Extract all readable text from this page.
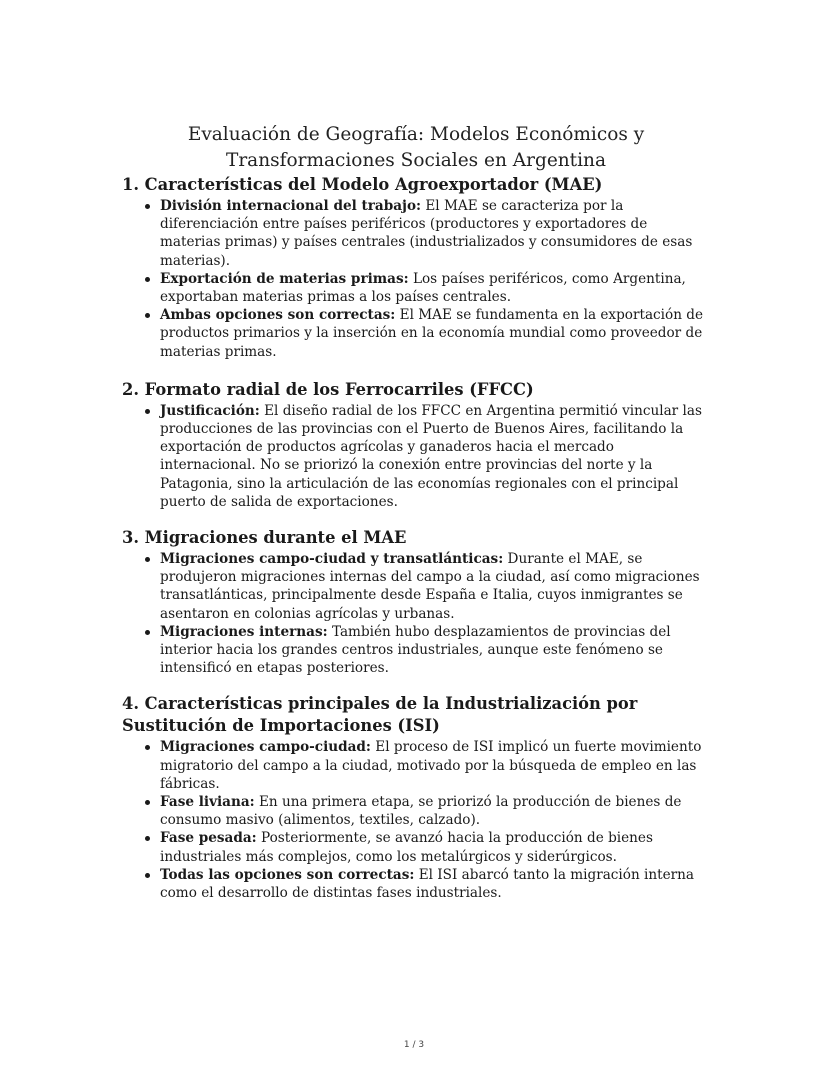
Evaluación de Geografía: Modelos Económicos y Transformaciones Sociales en Argentina
1. Características del Modelo Agroexportador (MAE)
División internacional del trabajo: El MAE se caracteriza por la diferenciación entre países periféricos (productores y exportadores de materias primas) y países centrales (industrializados y consumidores de esas materias).
Exportación de materias primas: Los países periféricos, como Argentina, exportaban materias primas a los países centrales.
Ambas opciones son correctas: El MAE se fundamenta en la exportación de productos primarios y la inserción en la economía mundial como proveedor de materias primas.
2. Formato radial de los Ferrocarriles (FFCC)
Justificación: El diseño radial de los FFCC en Argentina permitió vincular las producciones de las provincias con el Puerto de Buenos Aires, facilitando la exportación de productos agrícolas y ganaderos hacia el mercado internacional. No se priorizó la conexión entre provincias del norte y la Patagonia, sino la articulación de las economías regionales con el principal puerto de salida de exportaciones.
3. Migraciones durante el MAE
Migraciones campo-ciudad y transatlánticas: Durante el MAE, se produjeron migraciones internas del campo a la ciudad, así como migraciones transatlánticas, principalmente desde España e Italia, cuyos inmigrantes se asentaron en colonias agrícolas y urbanas.
Migraciones internas: También hubo desplazamientos de provincias del interior hacia los grandes centros industriales, aunque este fenómeno se intensificó en etapas posteriores.
4. Características principales de la Industrialización por Sustitución de Importaciones (ISI)
Migraciones campo-ciudad: El proceso de ISI implicó un fuerte movimiento migratorio del campo a la ciudad, motivado por la búsqueda de empleo en las fábricas.
Fase liviana: En una primera etapa, se priorizó la producción de bienes de consumo masivo (alimentos, textiles, calzado).
Fase pesada: Posteriormente, se avanzó hacia la producción de bienes industriales más complejos, como los metalúrgicos y siderúrgicos.
Todas las opciones son correctas: El ISI abarcó tanto la migración interna como el desarrollo de distintas fases industriales.
1 / 3
